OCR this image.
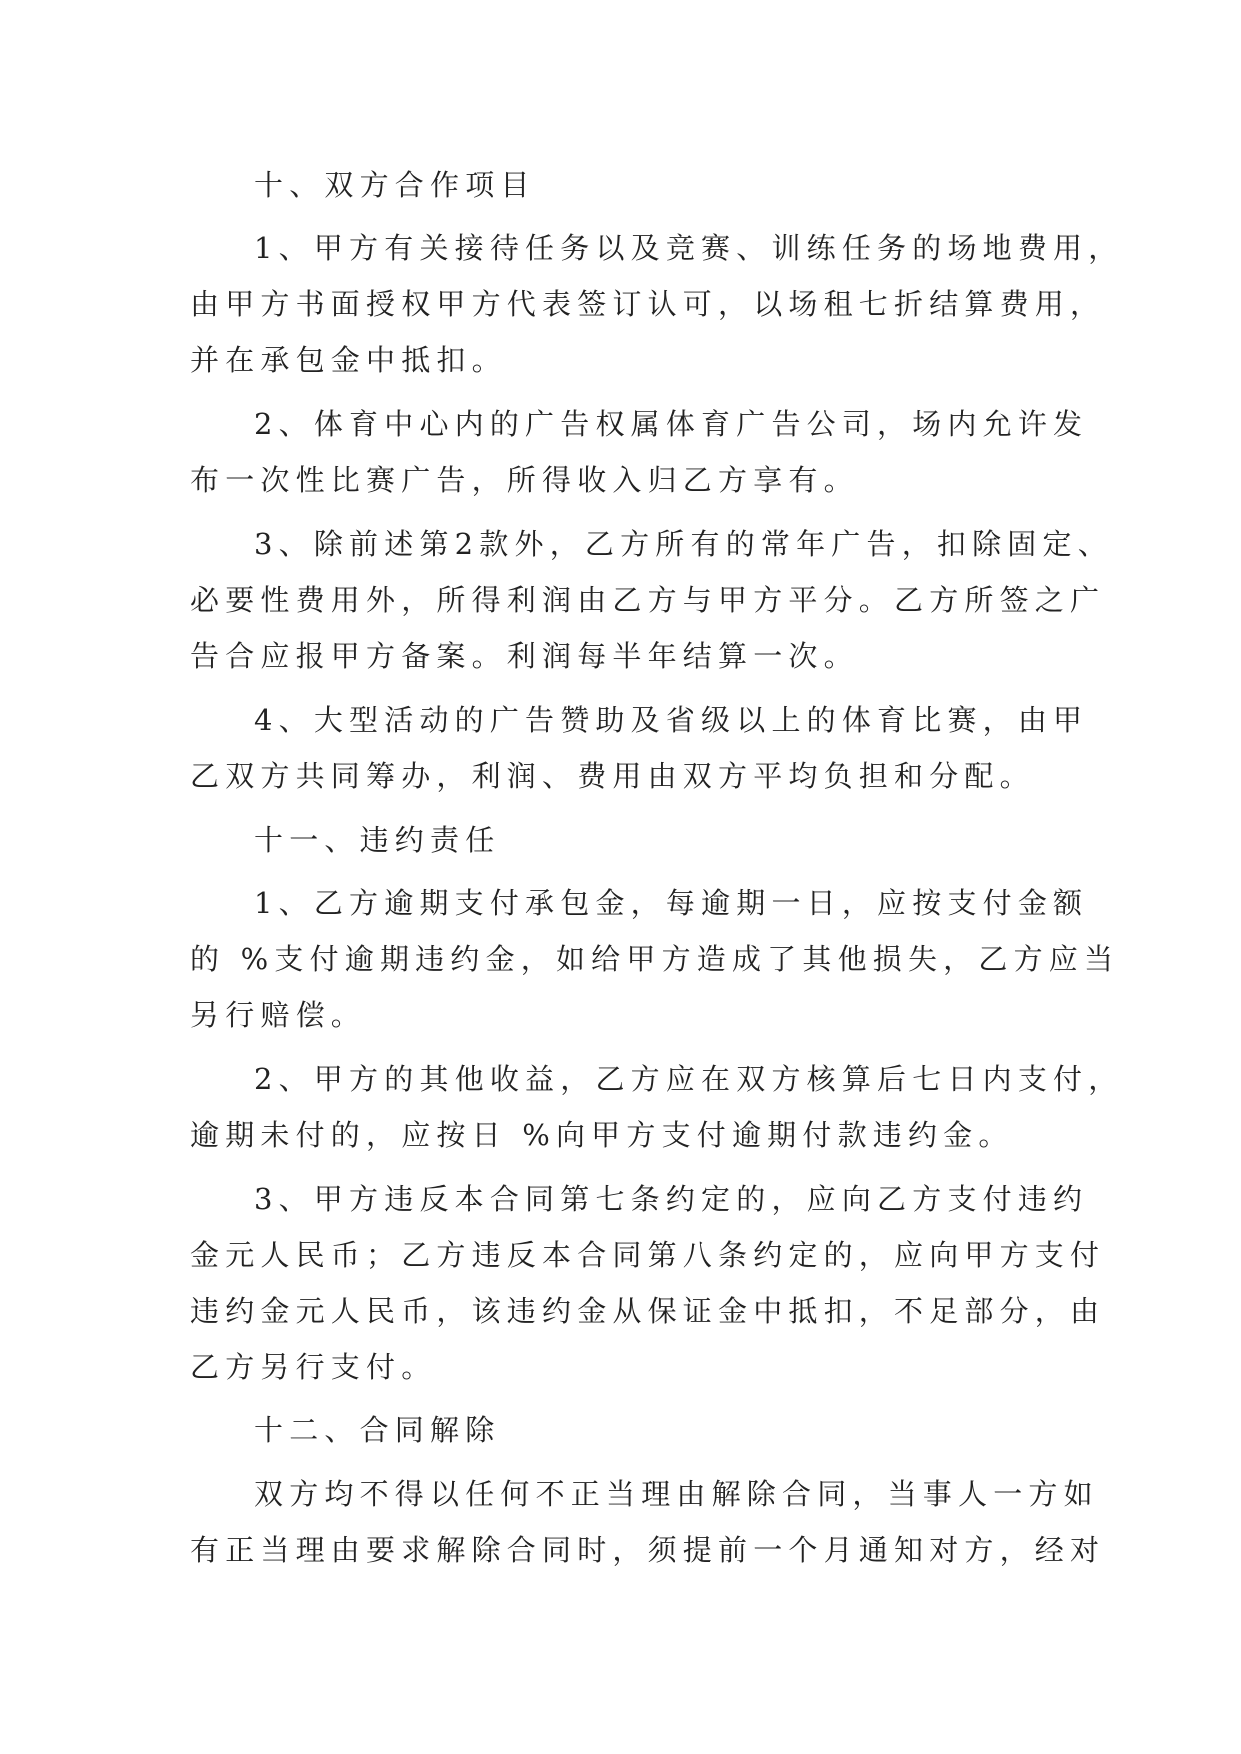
十、双方合作项目
1、甲方有关接待任务以及竞赛、训练任务的场地费用，
由甲方书面授权甲方代表签订认可，以场租七折结算费用，
并在承包金中抵扣。
2、体育中心内的广告权属体育广告公司，场内允许发
布一次性比赛广告，所得收入归乙方享有。
3、除前述第2款外，乙方所有的常年广告，扣除固定、
必要性费用外，所得利润由乙方与甲方平分。乙方所签之广
告合应报甲方备案。利润每半年结算一次。
4、大型活动的广告赞助及省级以上的体育比赛，由甲
乙双方共同筹办，利润、费用由双方平均负担和分配。
十一、违约责任
1、乙方逾期支付承包金，每逾期一日，应按支付金额
的 %支付逾期违约金，如给甲方造成了其他损失，乙方应当
另行赔偿。
2、甲方的其他收益，乙方应在双方核算后七日内支付，
逾期未付的，应按日 %向甲方支付逾期付款违约金。
3、甲方违反本合同第七条约定的，应向乙方支付违约
金元人民币；乙方违反本合同第八条约定的，应向甲方支付
违约金元人民币，该违约金从保证金中抵扣，不足部分，由
乙方另行支付。
十二、合同解除
双方均不得以任何不正当理由解除合同，当事人一方如
有正当理由要求解除合同时，须提前一个月通知对方，经对
